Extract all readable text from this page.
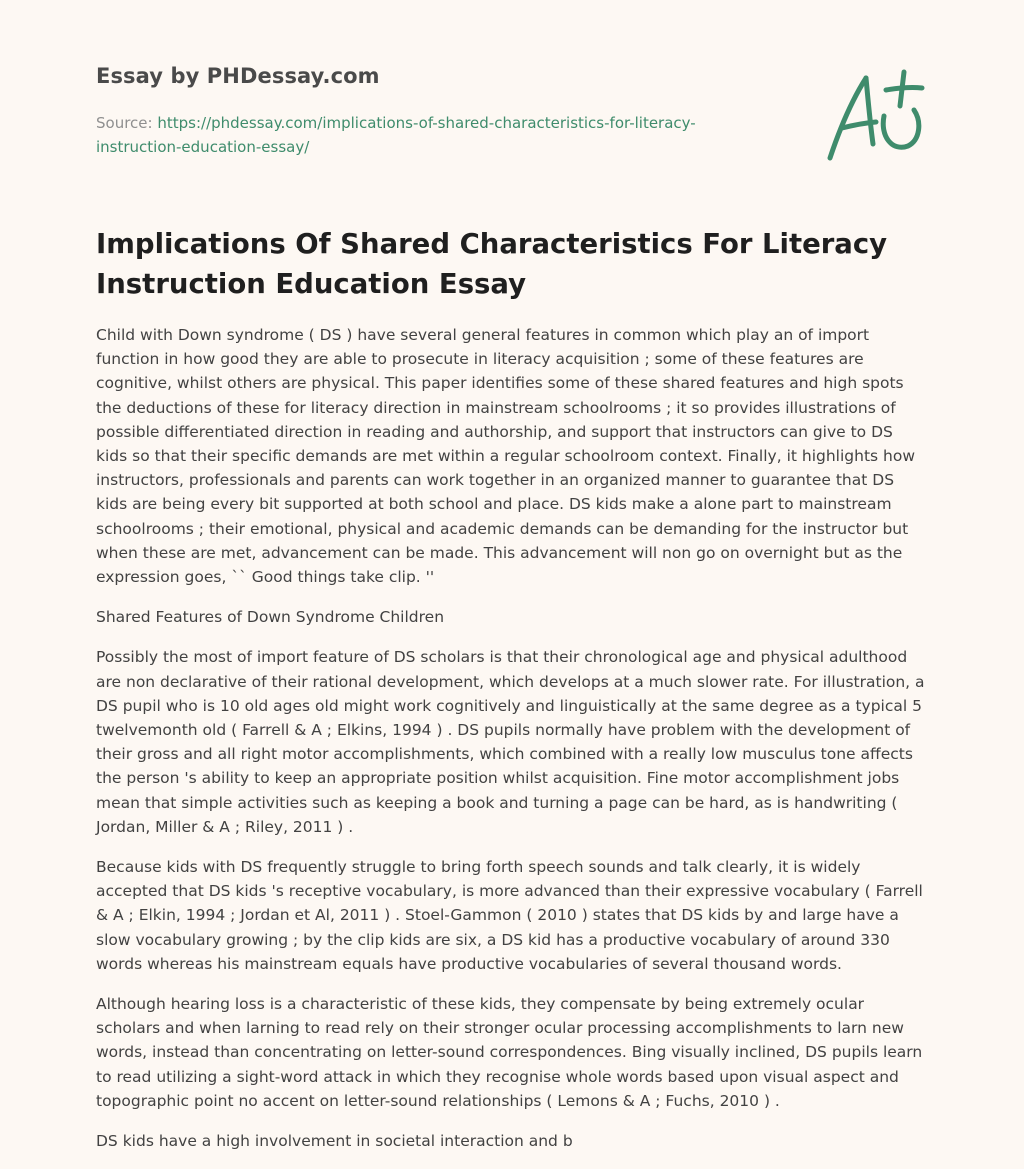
Essay by PHDessay.com
Source: https://phdessay.com/implications-of-shared-characteristics-for-literacy-instruction-education-essay/
Implications Of Shared Characteristics For Literacy Instruction Education Essay

Child with Down syndrome ( DS ) have several general features in common which play an of import function in how good they are able to prosecute in literacy acquisition ; some of these features are cognitive, whilst others are physical. This paper identifies some of these shared features and high spots the deductions of these for literacy direction in mainstream schoolrooms ; it so provides illustrations of possible differentiated direction in reading and authorship, and support that instructors can give to DS kids so that their specific demands are met within a regular schoolroom context. Finally, it highlights how instructors, professionals and parents can work together in an organized manner to guarantee that DS kids are being every bit supported at both school and place. DS kids make a alone part to mainstream schoolrooms ; their emotional, physical and academic demands can be demanding for the instructor but when these are met, advancement can be made. This advancement will non go on overnight but as the expression goes, `` Good things take clip. ''

Shared Features of Down Syndrome Children

Possibly the most of import feature of DS scholars is that their chronological age and physical adulthood are non declarative of their rational development, which develops at a much slower rate. For illustration, a DS pupil who is 10 old ages old might work cognitively and linguistically at the same degree as a typical 5 twelvemonth old ( Farrell & A ; Elkins, 1994 ) . DS pupils normally have problem with the development of their gross and all right motor accomplishments, which combined with a really low musculus tone affects the person 's ability to keep an appropriate position whilst acquisition. Fine motor accomplishment jobs mean that simple activities such as keeping a book and turning a page can be hard, as is handwriting ( Jordan, Miller & A ; Riley, 2011 ) .

Because kids with DS frequently struggle to bring forth speech sounds and talk clearly, it is widely accepted that DS kids 's receptive vocabulary, is more advanced than their expressive vocabulary ( Farrell & A ; Elkin, 1994 ; Jordan et Al, 2011 ) . Stoel-Gammon ( 2010 ) states that DS kids by and large have a slow vocabulary growing ; by the clip kids are six, a DS kid has a productive vocabulary of around 330 words whereas his mainstream equals have productive vocabularies of several thousand words.

Although hearing loss is a characteristic of these kids, they compensate by being extremely ocular scholars and when larning to read rely on their stronger ocular processing accomplishments to larn new words, instead than concentrating on letter-sound correspondences. Bing visually inclined, DS pupils learn to read utilizing a sight-word attack in which they recognise whole words based upon visual aspect and topographic point no accent on letter-sound relationships ( Lemons & A ; Fuchs, 2010 ) .

DS kids have a high involvement in societal interaction and b
